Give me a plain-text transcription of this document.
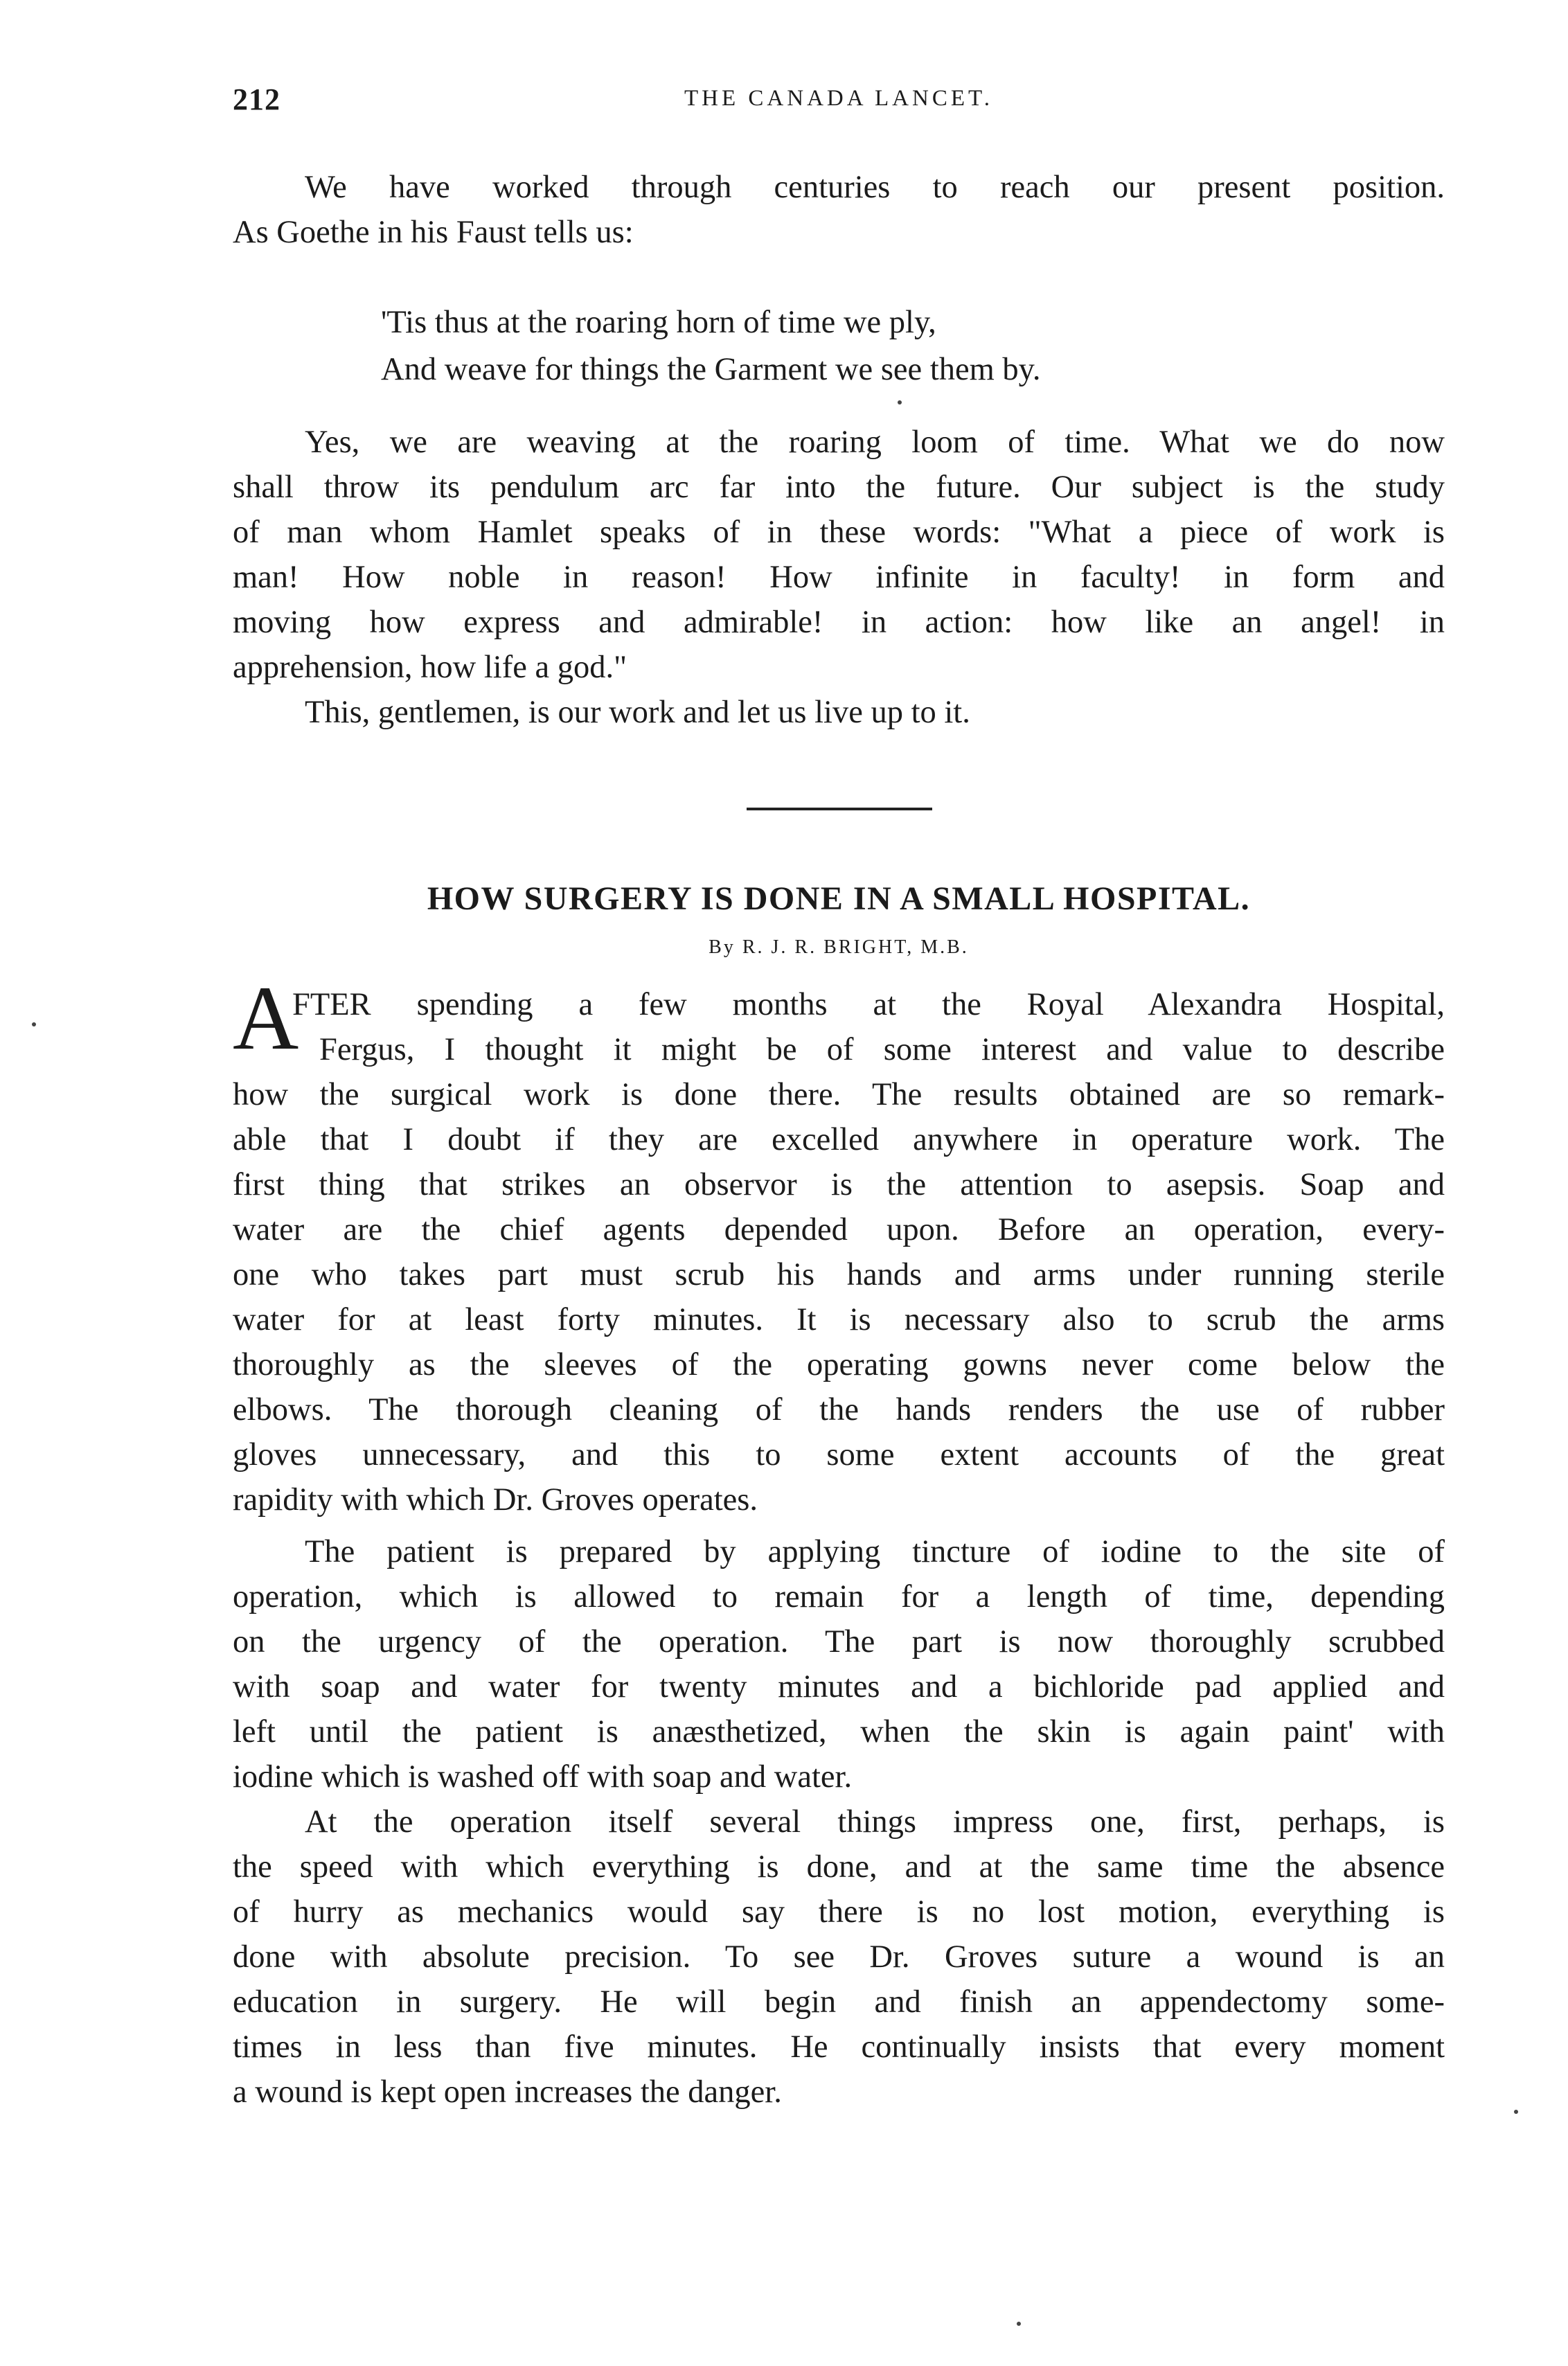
212	THE CANADA LANCET.

We have worked through centuries to reach our present position.
As Goethe in his Faust tells us:

'Tis thus at the roaring horn of time we ply,
And weave for things the Garment we see them by.

Yes, we are weaving at the roaring loom of time. What we do now
shall throw its pendulum arc far into the future. Our subject is the study
of man whom Hamlet speaks of in these words: "What a piece of work is
man! How noble in reason! How infinite in faculty! in form and
moving how express and admirable! in action: how like an angel! in
apprehension, how life a god."

This, gentlemen, is our work and let us live up to it.

HOW SURGERY IS DONE IN A SMALL HOSPITAL.

By R. J. R. BRIGHT, M.B.

A

FTER spending a few months at the Royal Alexandra Hospital,
Fergus, I thought it might be of some interest and value to describe
how the surgical work is done there. The results obtained are so remark-
able that I doubt if they are excelled anywhere in operature work. The
first thing that strikes an observor is the attention to asepsis. Soap and
water are the chief agents depended upon. Before an operation, every-
one who takes part must scrub his hands and arms under running sterile
water for at least forty minutes. It is necessary also to scrub the arms
thoroughly as the sleeves of the operating gowns never come below the
elbows. The thorough cleaning of the hands renders the use of rubber
gloves unnecessary, and this to some extent accounts of the great
rapidity with which Dr. Groves operates.

The patient is prepared by applying tincture of iodine to the site of
operation, which is allowed to remain for a length of time, depending
on the urgency of the operation. The part is now thoroughly scrubbed
with soap and water for twenty minutes and a bichloride pad applied and
left until the patient is anæsthetized, when the skin is again paint' with
iodine which is washed off with soap and water.

At the operation itself several things impress one, first, perhaps, is
the speed with which everything is done, and at the same time the absence
of hurry as mechanics would say there is no lost motion, everything is
done with absolute precision. To see Dr. Groves suture a wound is an
education in surgery. He will begin and finish an appendectomy some-
times in less than five minutes. He continually insists that every moment
a wound is kept open increases the danger.
